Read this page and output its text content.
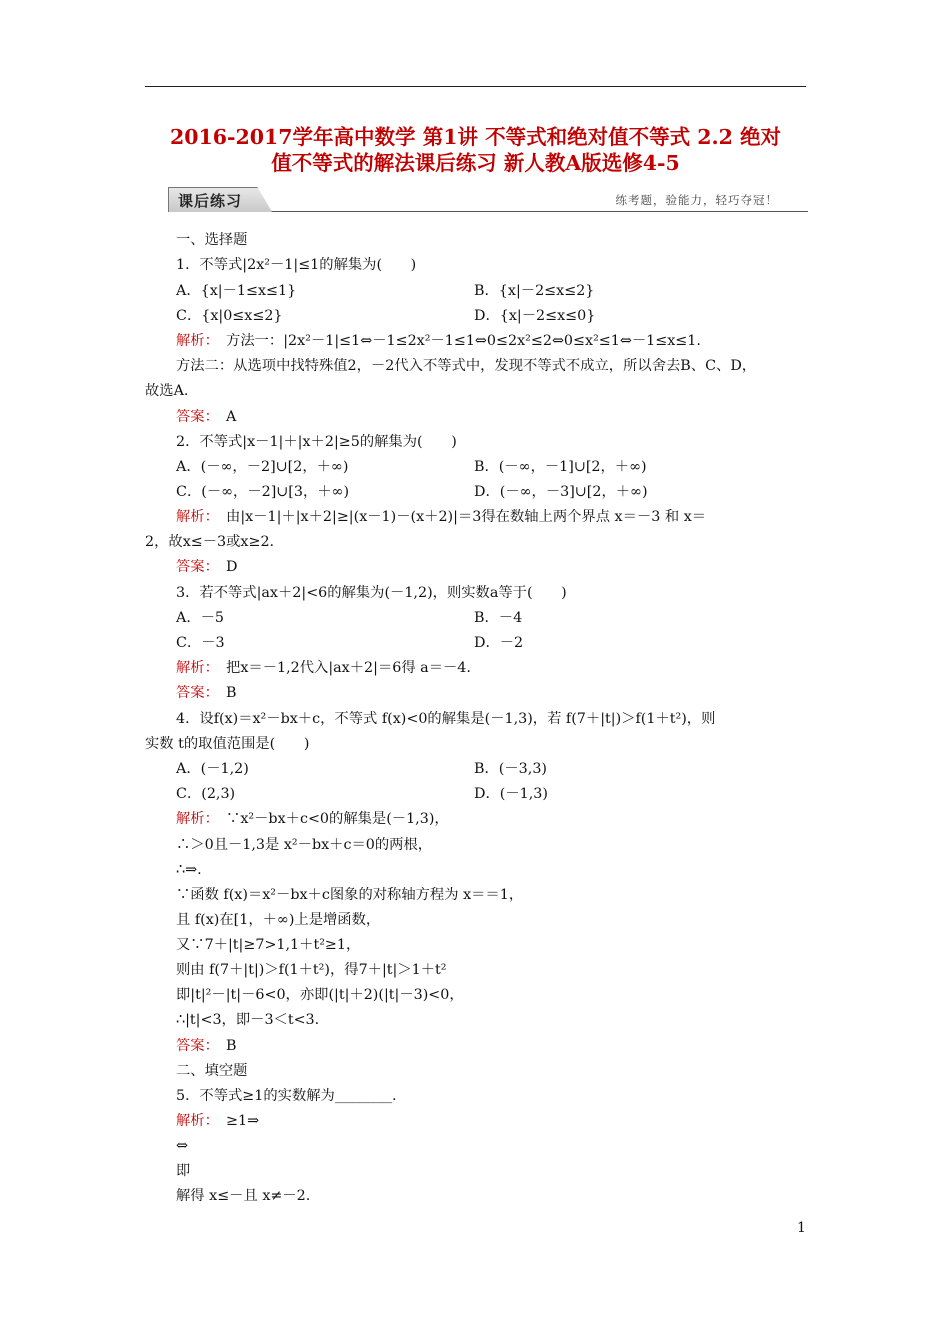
2016-2017学年高中数学 第1讲 不等式和绝对值不等式 2.2 绝对
值不等式的解法课后练习 新人教A版选修4-5
课后练习	练考题，验能力，轻巧夺冠！
一、选择题
1．不等式|2x²－1|≤1的解集为(　　)
A．{x|－1≤x≤1}	B．{x|－2≤x≤2}
C．{x|0≤x≤2}	D．{x|－2≤x≤0}
解析：　方法一：|2x²－1|≤1⇔－1≤2x²－1≤1⇔0≤2x²≤2⇔0≤x²≤1⇔－1≤x≤1.
方法二：从选项中找特殊值2，－2代入不等式中，发现不等式不成立，所以舍去B、C、D，
故选A.
答案：　A
2．不等式|x－1|＋|x＋2|≥5的解集为(　　)
A．(－∞，－2]∪[2，＋∞)	B．(－∞，－1]∪[2，＋∞)
C．(－∞，－2]∪[3，＋∞)	D．(－∞，－3]∪[2，＋∞)
解析：　由|x－1|＋|x＋2|≥|(x－1)－(x＋2)|＝3得在数轴上两个界点 x＝－3 和 x＝
2，故x≤－3或x≥2.
答案：　D
3．若不等式|ax＋2|<6的解集为(－1,2)，则实数a等于(　　)
A．－5	B．－4
C．－3	D．－2
解析：　把x＝－1,2代入|ax＋2|＝6得 a＝－4.
答案：　B
4．设f(x)＝x²－bx＋c，不等式 f(x)<0的解集是(－1,3)，若 f(7＋|t|)＞f(1＋t²)，则
实数 t的取值范围是(　　)
A．(－1,2)	B．(－3,3)
C．(2,3)	D．(－1,3)
解析：　∵x²－bx＋c<0的解集是(－1,3)，
∴＞0且－1,3是 x²－bx＋c＝0的两根，
∴⇒.
∵函数 f(x)＝x²－bx＋c图象的对称轴方程为 x＝＝1，
且 f(x)在[1，＋∞)上是增函数，
又∵7＋|t|≥7>1,1＋t²≥1，
则由 f(7＋|t|)＞f(1＋t²)，得7＋|t|＞1＋t²
即|t|²－|t|－6<0，亦即(|t|＋2)(|t|－3)<0，
∴|t|<3，即－3＜t<3.
答案：　B
二、填空题
5．不等式≥1的实数解为________.
解析：　≥1⇒
⇔
即
解得 x≤－且 x≠－2.
1
